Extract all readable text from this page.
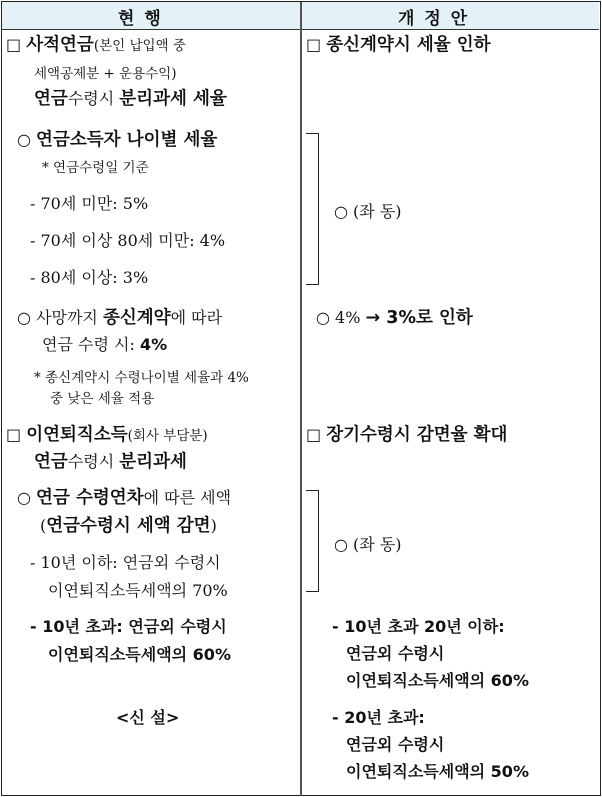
현 행	개 정 안
□ 사적연금(본인 납입액 중
세액공제분 + 운용수익)
연금수령시 분리과세 세율
○ 연금소득자 나이별 세율
* 연금수령일 기준
- 70세 미만: 5%
- 70세 이상 80세 미만: 4%
- 80세 이상: 3%
○ 사망까지 종신계약에 따라
연금 수령 시: 4%
* 종신계약시 수령나이별 세율과 4%
중 낮은 세율 적용
□ 이연퇴직소득(회사 부담분)
연금수령시 분리과세
○ 연금 수령연차에 따른 세액
(연금수령시 세액 감면)
- 10년 이하: 연금외 수령시
이연퇴직소득세액의 70%
- 10년 초과: 연금외 수령시
이연퇴직소득세액의 60%
<신 설>
□ 종신계약시 세율 인하
○ (좌 동)
○ 4% → 3%로 인하
□ 장기수령시 감면율 확대
○ (좌 동)
- 10년 초과 20년 이하:
연금외 수령시
이연퇴직소득세액의 60%
- 20년 초과:
연금외 수령시
이연퇴직소득세액의 50%
